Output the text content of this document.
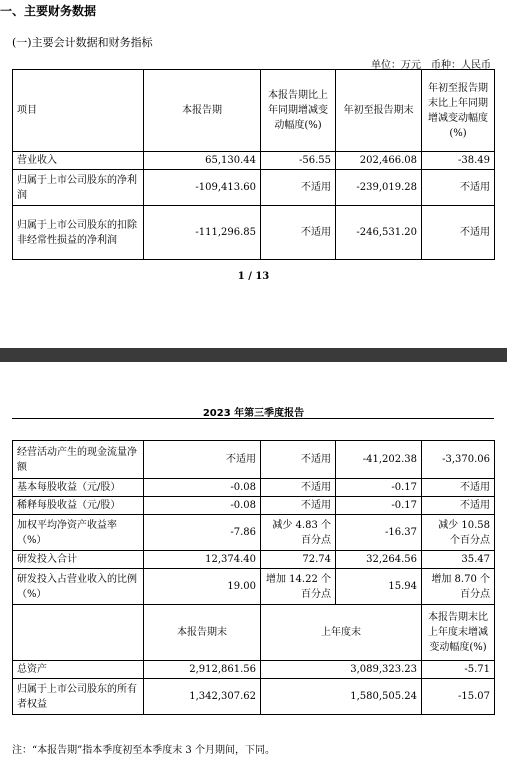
一、主要财务数据
(一)主要会计数据和财务指标
单位：万元　币种：人民币
项目	本报告期	本报告期比上年同期增减变动幅度(%)	年初至报告期末	年初至报告期末比上年同期增减变动幅度(%)
营业收入	65,130.44	-56.55	202,466.08	-38.49
归属于上市公司股东的净利润	-109,413.60	不适用	-239,019.28	不适用
归属于上市公司股东的扣除非经常性损益的净利润	-111,296.85	不适用	-246,531.20	不适用
1 / 13
2023 年第三季度报告
经营活动产生的现金流量净额	不适用	不适用	-41,202.38	-3,370.06
基本每股收益（元/股）	-0.08	不适用	-0.17	不适用
稀释每股收益（元/股）	-0.08	不适用	-0.17	不适用
加权平均净资产收益率（%）	-7.86	减少 4.83 个百分点	-16.37	减少 10.58 个百分点
研发投入合计	12,374.40	72.74	32,264.56	35.47
研发投入占营业收入的比例（%）	19.00	增加 14.22 个百分点	15.94	增加 8.70 个百分点
	本报告期末	上年度末		本报告期末比上年度末增减变动幅度(%)
总资产	2,912,861.56	3,089,323.23		-5.71
归属于上市公司股东的所有者权益	1,342,307.62	1,580,505.24		-15.07
注：“本报告期”指本季度初至本季度末 3 个月期间，下同。
